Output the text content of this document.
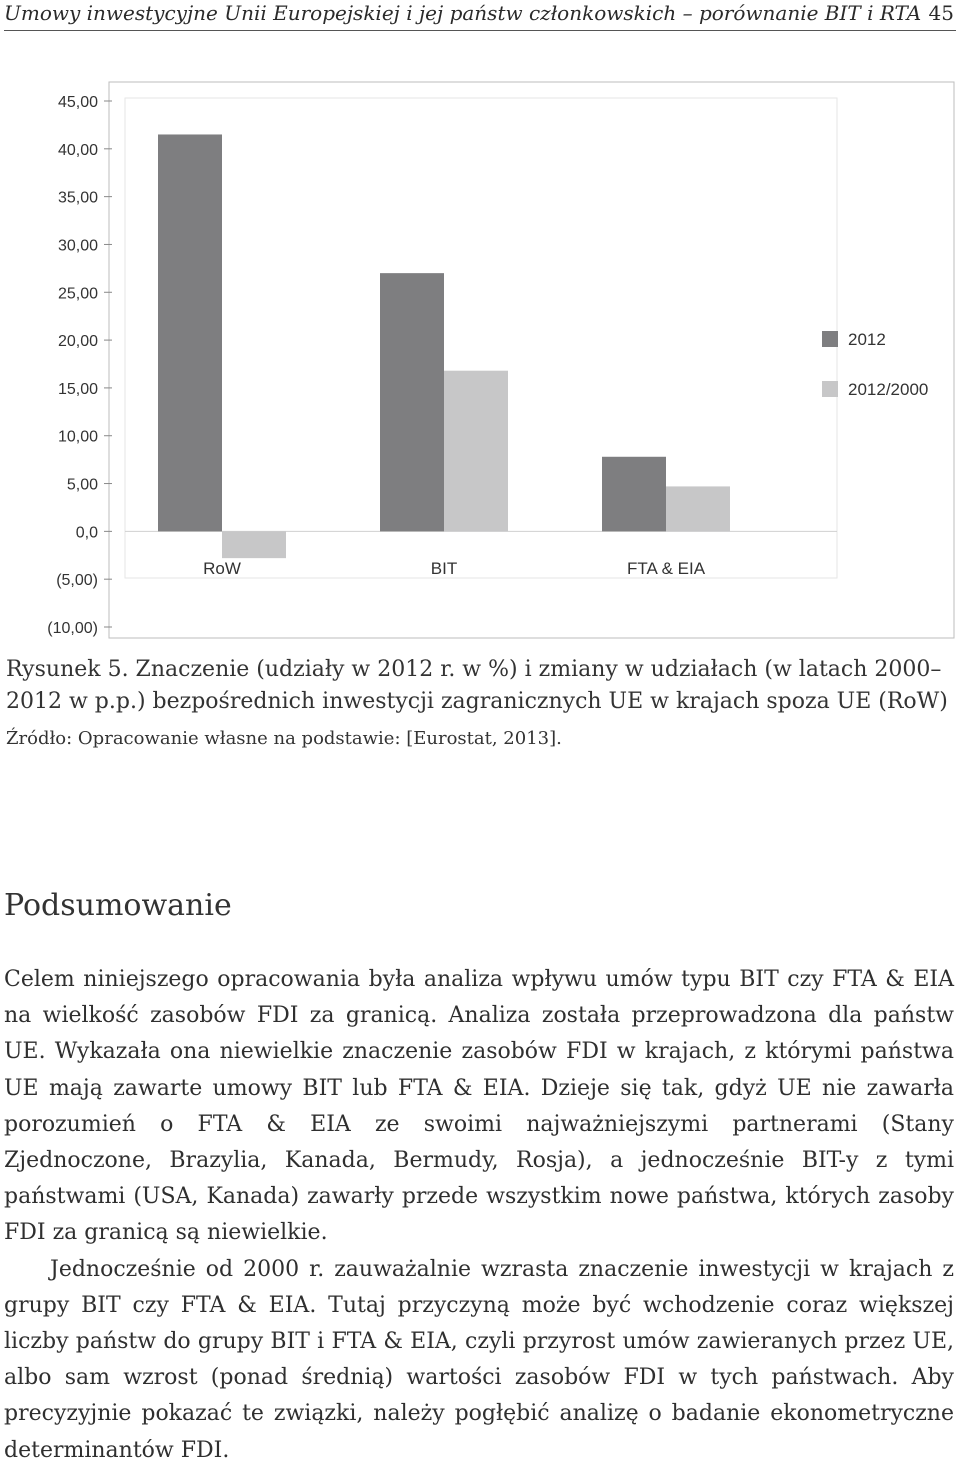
Umowy inwestycyjne Unii Europejskiej i jej państw członkowskich – porównanie BIT i RTA 45
45,00
40,00
35,00
30,00
25,00
20,00
15,00
10,00
5,00
0,0
(5,00)
(10,00)
RoW	BIT	FTA & EIA
2012
2012/2000
Rysunek 5. Znaczenie (udziały w 2012 r. w %) i zmiany w udziałach (w latach 2000–2012 w p.p.) bezpośrednich inwestycji zagranicznych UE w krajach spoza UE (RoW)
Źródło: Opracowanie własne na podstawie: [Eurostat, 2013].
Podsumowanie

Celem niniejszego opracowania była analiza wpływu umów typu BIT czy FTA & EIA na wielkość zasobów FDI za granicą. Analiza została przeprowadzona dla państw UE. Wykazała ona niewielkie znaczenie zasobów FDI w krajach, z którymi państwa UE mają zawarte umowy BIT lub FTA & EIA. Dzieje się tak, gdyż UE nie zawarła porozumień o FTA & EIA ze swoimi najważniejszymi partnerami (Stany Zjednoczone, Brazylia, Kanada, Bermudy, Rosja), a jednocześnie BIT-y z tymi państwami (USA, Kanada) zawarły przede wszystkim nowe państwa, których zasoby FDI za granicą są niewielkie.

Jednocześnie od 2000 r. zauważalnie wzrasta znaczenie inwestycji w krajach z grupy BIT czy FTA & EIA. Tutaj przyczyną może być wchodzenie coraz większej liczby państw do grupy BIT i FTA & EIA, czyli przyrost umów zawieranych przez UE, albo sam wzrost (ponad średnią) wartości zasobów FDI w tych państwach. Aby precyzyjnie pokazać te związki, należy pogłębić analizę o badanie ekonometryczne determinantów FDI.
